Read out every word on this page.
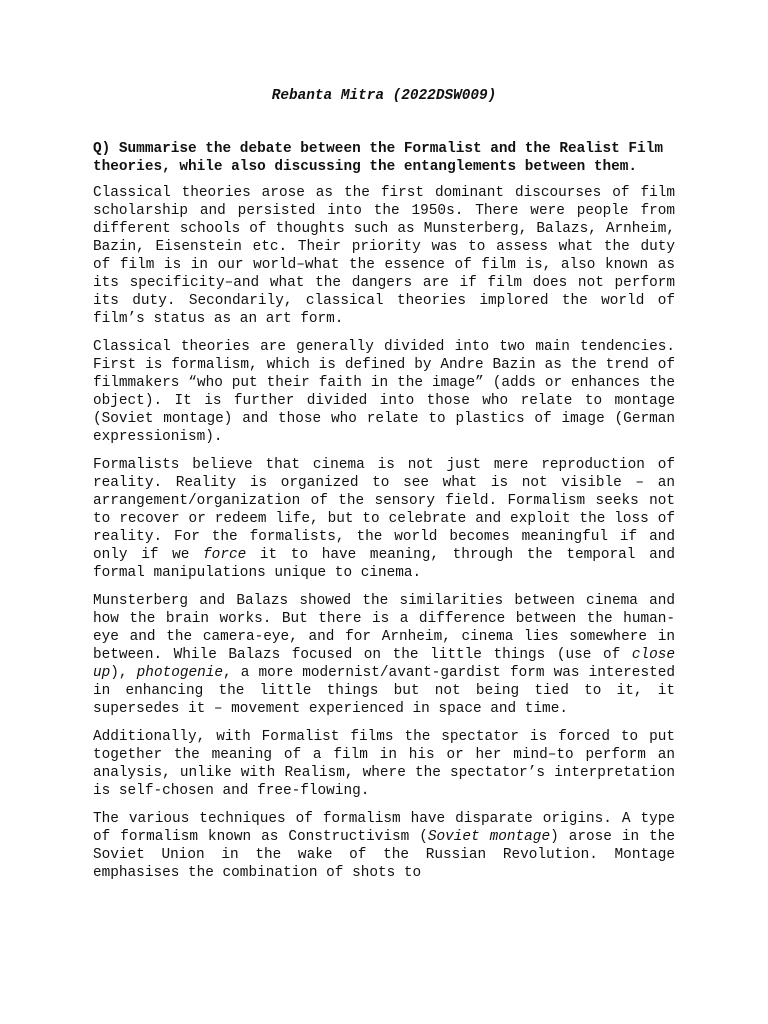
Rebanta Mitra (2022DSW009)
Q) Summarise the debate between the Formalist and the Realist Film theories, while also discussing the entanglements between them.

Classical theories arose as the first dominant discourses of film scholarship and persisted into the 1950s. There were people from different schools of thoughts such as Munsterberg, Balazs, Arnheim, Bazin, Eisenstein etc. Their priority was to assess what the duty of film is in our world–what the essence of film is, also known as its specificity–and what the dangers are if film does not perform its duty. Secondarily, classical theories implored the world of film’s status as an art form.

Classical theories are generally divided into two main tendencies. First is formalism, which is defined by Andre Bazin as the trend of filmmakers “who put their faith in the image” (adds or enhances the object). It is further divided into those who relate to montage (Soviet montage) and those who relate to plastics of image (German expressionism).

Formalists believe that cinema is not just mere reproduction of reality. Reality is organized to see what is not visible – an arrangement/organization of the sensory field. Formalism seeks not to recover or redeem life, but to celebrate and exploit the loss of reality. For the formalists, the world becomes meaningful if and only if we force it to have meaning, through the temporal and formal manipulations unique to cinema.

Munsterberg and Balazs showed the similarities between cinema and how the brain works. But there is a difference between the human-eye and the camera-eye, and for Arnheim, cinema lies somewhere in between. While Balazs focused on the little things (use of close up), photogenie, a more modernist/avant-gardist form was interested in enhancing the little things but not being tied to it, it supersedes it – movement experienced in space and time.

Additionally, with Formalist films the spectator is forced to put together the meaning of a film in his or her mind–to perform an analysis, unlike with Realism, where the spectator’s interpretation is self-chosen and free-flowing.

The various techniques of formalism have disparate origins. A type of formalism known as Constructivism (Soviet montage) arose in the Soviet Union in the wake of the Russian Revolution. Montage emphasises the combination of shots to
